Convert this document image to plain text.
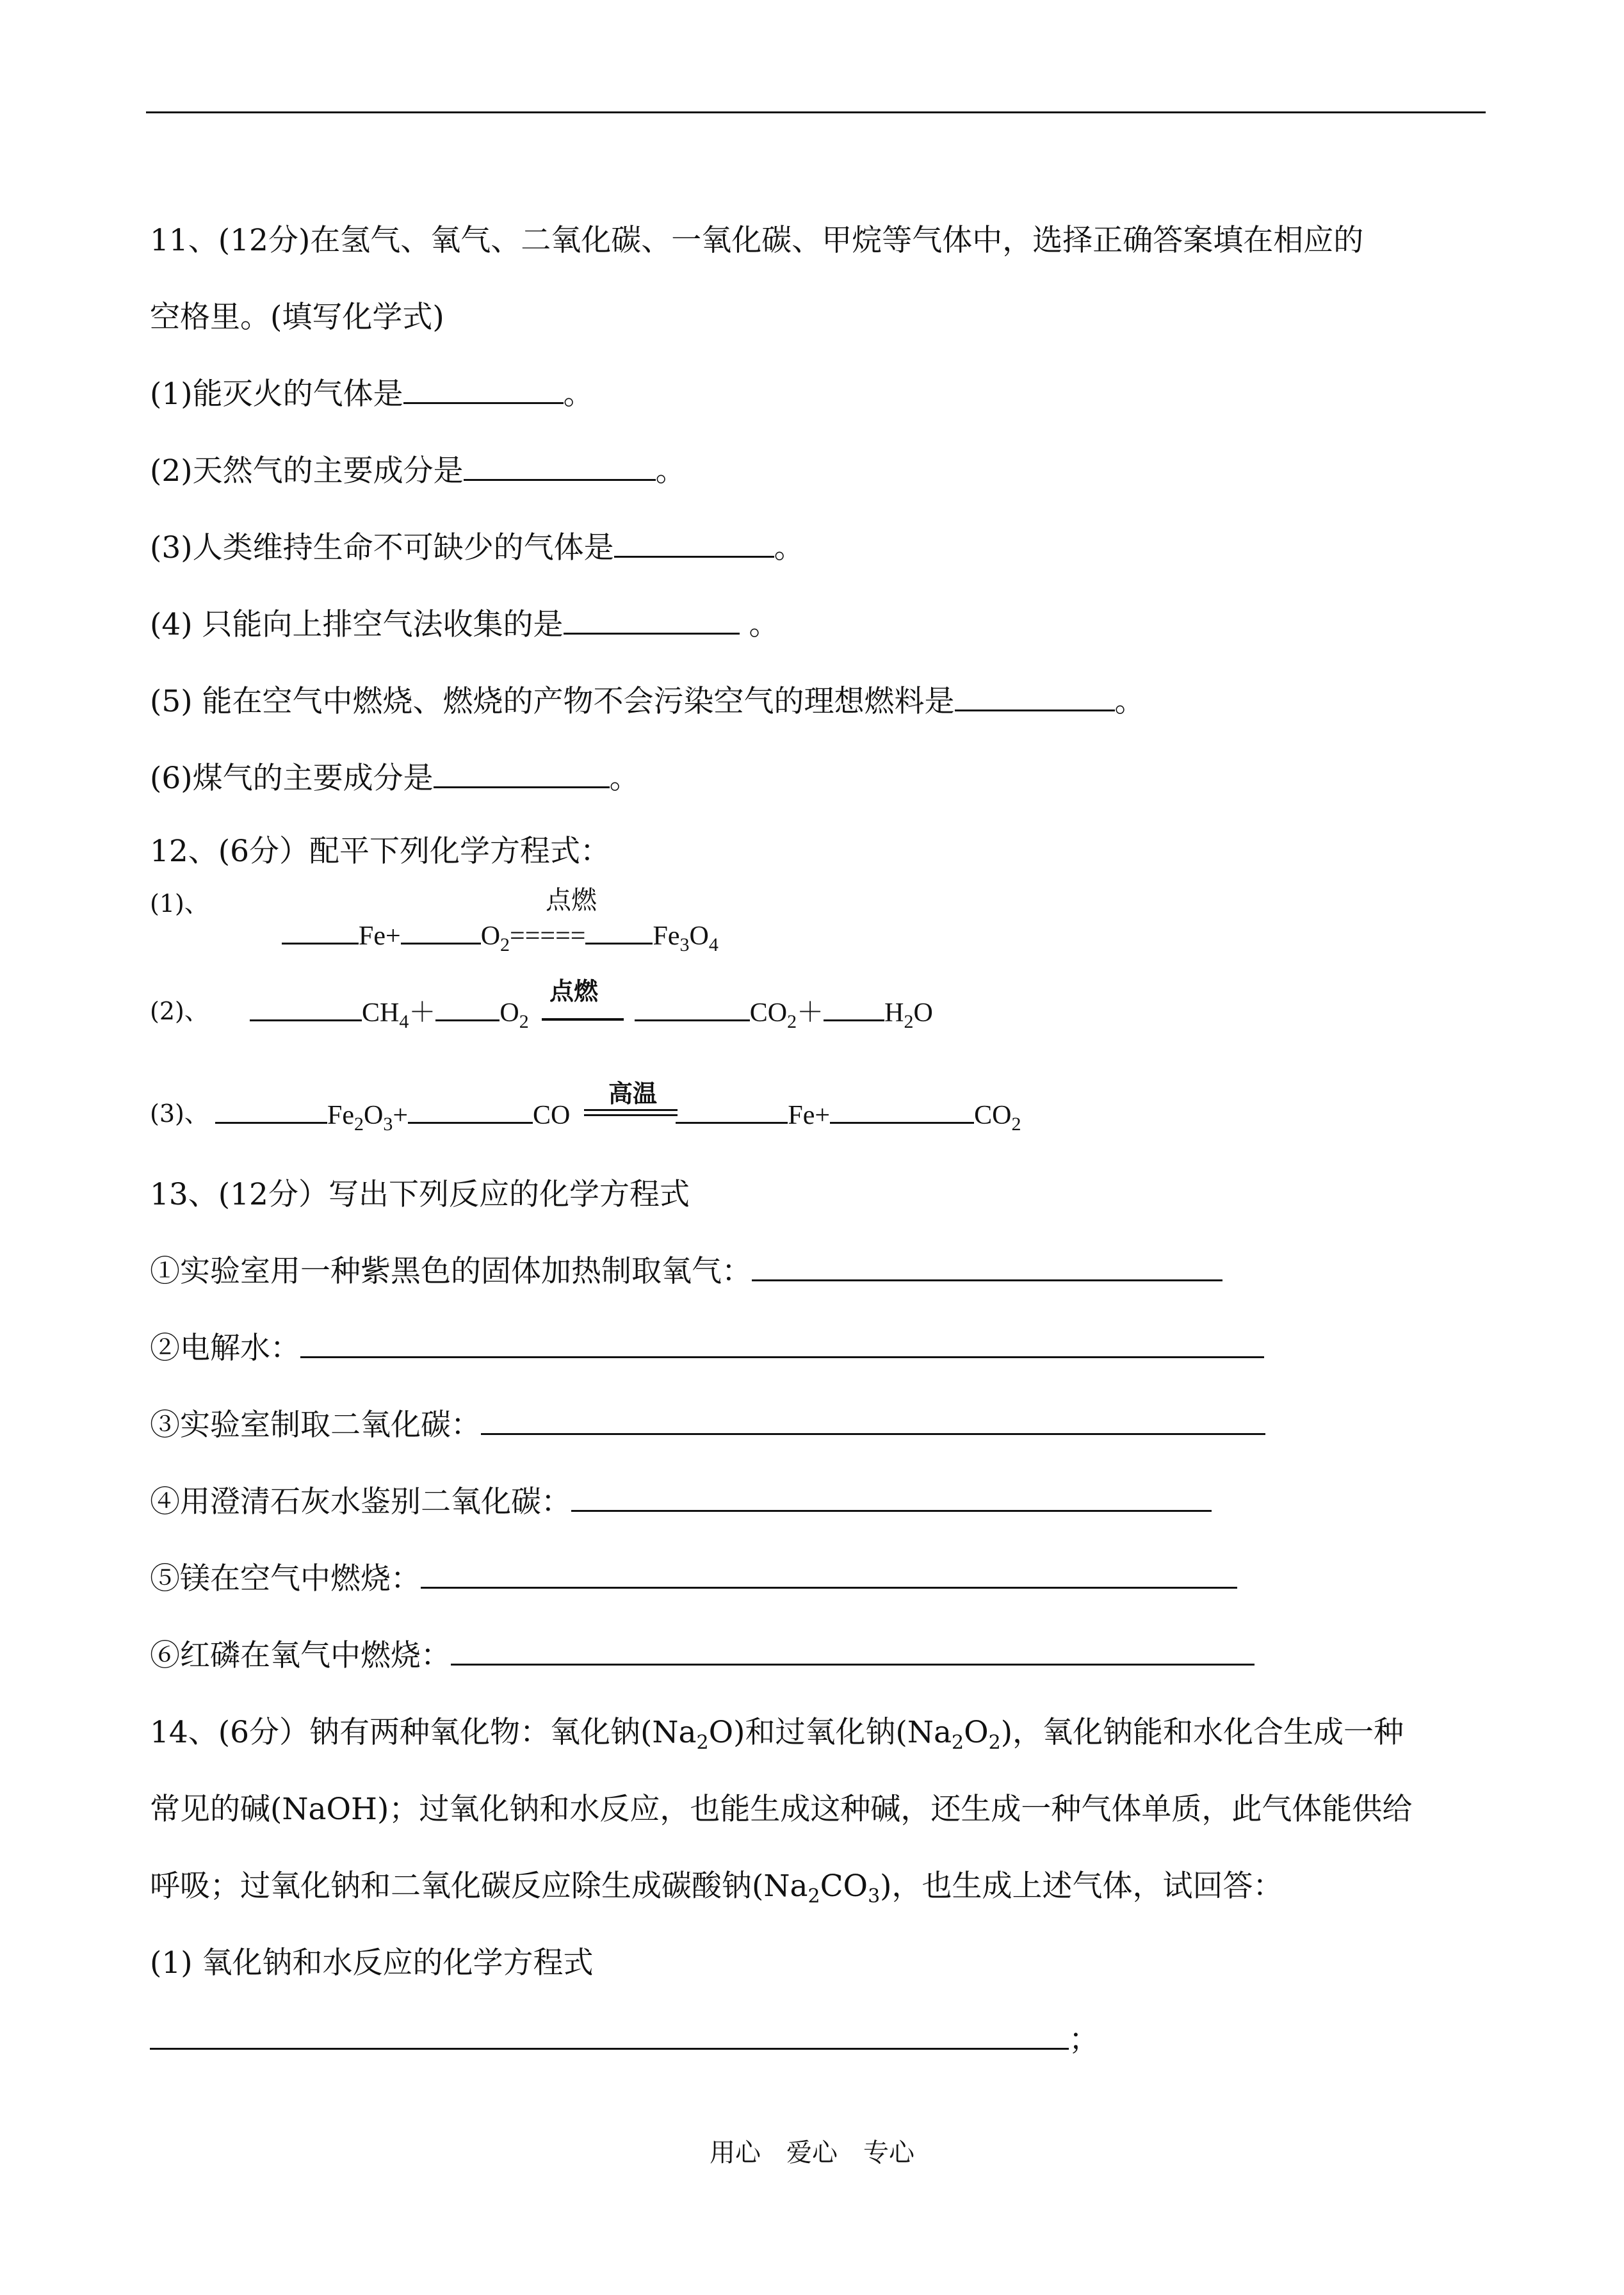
11、(12分)在氢气、氧气、二氧化碳、一氧化碳、甲烷等气体中，选择正确答案填在相应的
空格里。(填写化学式)
(1)能灭火的气体是	。
(2)天然气的主要成分是	。
(3)人类维持生命不可缺少的气体是	。
(4) 只能向上排空气法收集的是	。
(5) 能在空气中燃烧、燃烧的产物不会污染空气的理想燃料是	。
(6)煤气的主要成分是	。
12、(6分）配平下列化学方程式：
(1)、	点燃
Fe+	$O_2=====$	$Fe_3O_4$
(2)、
点燃
$CH_4+ O_2$	$CO_2+ H_2O$
(3)、
高温
$Fe_2O_3+$	CO	Fe+	$CO_2$
13、(12分）写出下列反应的化学方程式
①实验室用一种紫黑色的固体加热制取氧气：
②电解水：
③实验室制取二氧化碳：
④用澄清石灰水鉴别二氧化碳：
⑤镁在空气中燃烧：
⑥红磷在氧气中燃烧：
14、(6分）钠有两种氧化物：氧化钠$(Na_2O)$和过氧化钠$(Na_2O_2)$，氧化钠能和水化合生成一种
常见的碱(NaOH)；过氧化钠和水反应，也能生成这种碱，还生成一种气体单质，此气体能供给
呼吸；过氧化钠和二氧化碳反应除生成碳酸钠$(Na_2CO_3)$，也生成上述气体，试回答：
(1) 氧化钠和水反应的化学方程式
；
用心　爱心　专心
